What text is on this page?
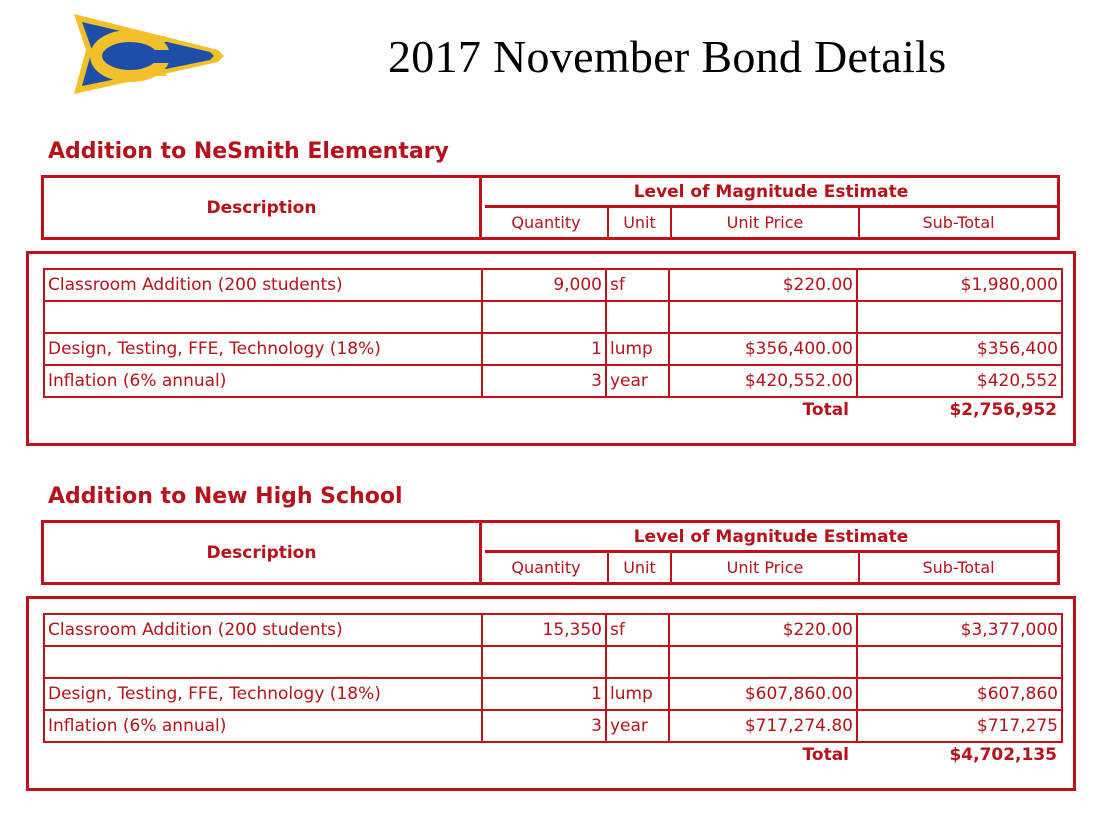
2017 November Bond Details
Addition to NeSmith Elementary
Description
Level of Magnitude Estimate
Quantity	Unit	Unit Price	Sub-Total
Classroom Addition (200 students)	9,000	sf	$220.00	$1,980,000

Design, Testing, FFE, Technology (18%)	1	lump	$356,400.00	$356,400
Inflation (6% annual)	3	year	$420,552.00	$420,552
Total	$2,756,952
Addition to New High School
Description
Level of Magnitude Estimate
Quantity	Unit	Unit Price	Sub-Total
Classroom Addition (200 students)	15,350	sf	$220.00	$3,377,000

Design, Testing, FFE, Technology (18%)	1	lump	$607,860.00	$607,860
Inflation (6% annual)	3	year	$717,274.80	$717,275
Total	$4,702,135
